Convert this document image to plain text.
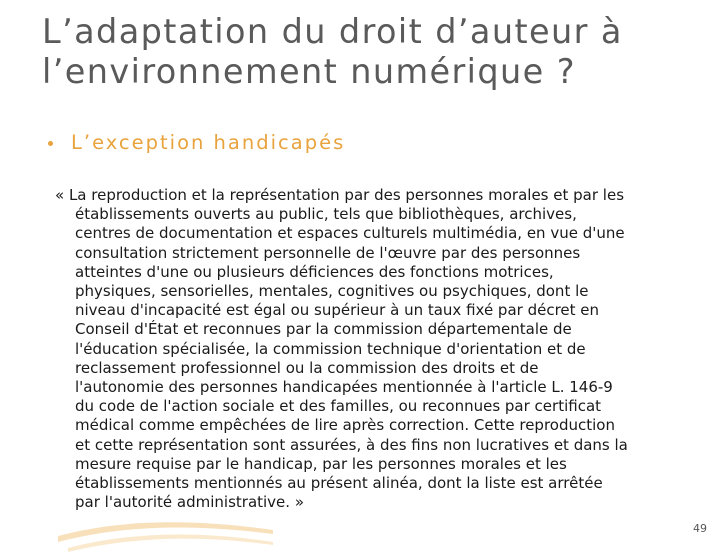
L’adaptation du droit d’auteur à
l’environnement numérique ?
L’exception handicapés
« La reproduction et la représentation par des personnes morales et par les
établissements ouverts au public, tels que bibliothèques, archives,
centres de documentation et espaces culturels multimédia, en vue d'une
consultation strictement personnelle de l'œuvre par des personnes
atteintes d'une ou plusieurs déficiences des fonctions motrices,
physiques, sensorielles, mentales, cognitives ou psychiques, dont le
niveau d'incapacité est égal ou supérieur à un taux fixé par décret en
Conseil d'État et reconnues par la commission départementale de
l'éducation spécialisée, la commission technique d'orientation et de
reclassement professionnel ou la commission des droits et de
l'autonomie des personnes handicapées mentionnée à l'article L. 146-9
du code de l'action sociale et des familles, ou reconnues par certificat
médical comme empêchées de lire après correction. Cette reproduction
et cette représentation sont assurées, à des fins non lucratives et dans la
mesure requise par le handicap, par les personnes morales et les
établissements mentionnés au présent alinéa, dont la liste est arrêtée
par l'autorité administrative. »
49
